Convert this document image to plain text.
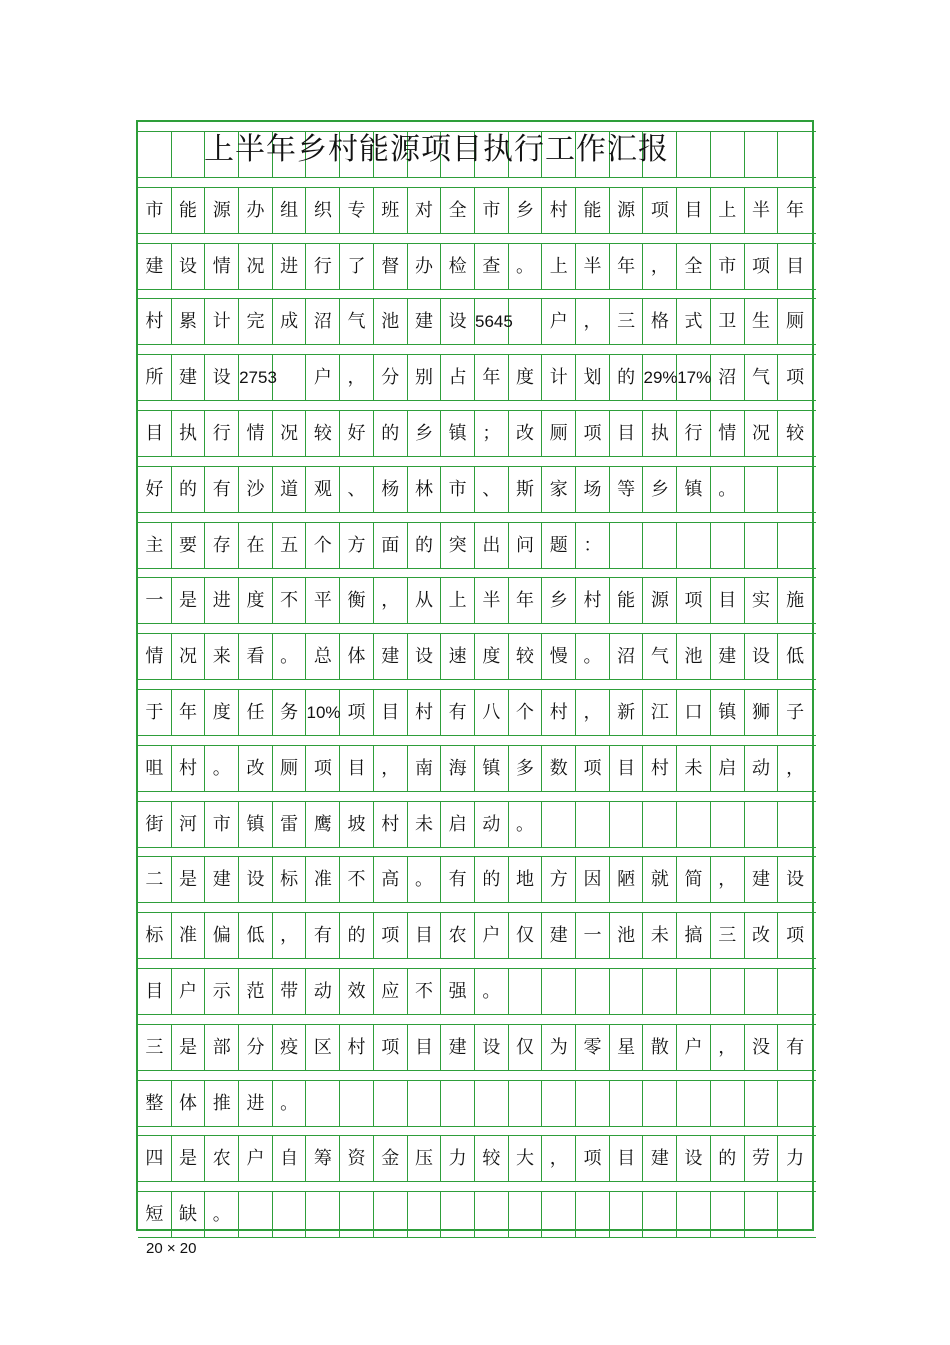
市 能 源 办 组 织 专 班 对 全 市 乡 村 能 源 项 目 上 半 年
建 设 情 况 进 行 了 督 办 检 查 。 上 半 年 ， 全 市 项 目
村 累 计 完 成 沼 气 池 建 设 5645	户 ， 三 格 式 卫 生 厕
所 建 设 2753	户 ， 分 别 占 年 度 计 划 的 29% 17% 沼 气 项
目 执 行 情 况 较 好 的 乡 镇 ； 改 厕 项 目 执 行 情 况 较
好 的 有 沙 道 观 、 杨 林 市 、 斯 家 场 等 乡 镇 。
主 要 存 在 五 个 方 面 的 突 出 问 题 ：
一 是 进 度 不 平 衡 ， 从 上 半 年 乡 村 能 源 项 目 实 施
情 况 来 看 。 总 体 建 设 速 度 较 慢 。 沼 气 池 建 设 低
于 年 度 任 务 10% 项 目 村 有 八 个 村 ， 新 江 口 镇 狮 子
咀 村 。 改 厕 项 目 ， 南 海 镇 多 数 项 目 村 未 启 动 ，
街 河 市 镇 雷 鹰 坡 村 未 启 动 。
二 是 建 设 标 准 不 高 。 有 的 地 方 因 陋 就 简 ， 建 设
标 准 偏 低 ， 有 的 项 目 农 户 仅 建 一 池 未 搞 三 改 项
目 户 示 范 带 动 效 应 不 强 。
三 是 部 分 疫 区 村 项 目 建 设 仅 为 零 星 散 户 ， 没 有
整 体 推 进 。
四 是 农 户 自 筹 资 金 压 力 较 大 ， 项 目 建 设 的 劳 力
短 缺 。
上半年乡村能源项目执行工作汇报
20 × 20
